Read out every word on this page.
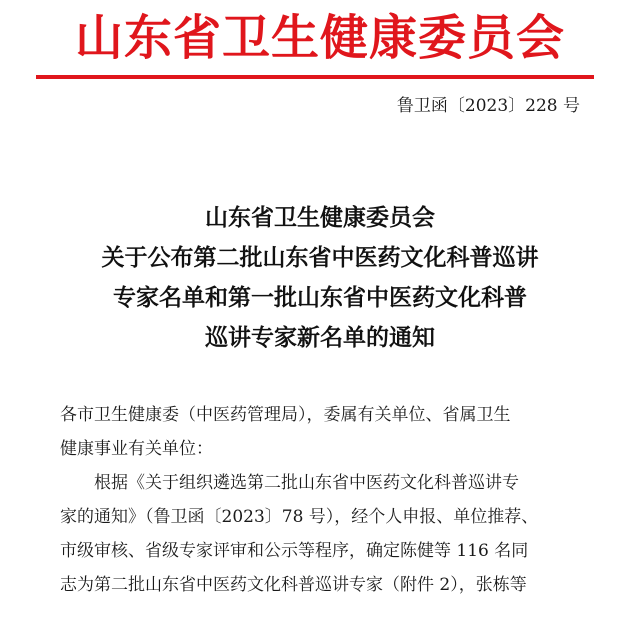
山东省卫生健康委员会
鲁卫函〔2023〕228 号
山东省卫生健康委员会
关于公布第二批山东省中医药文化科普巡讲
专家名单和第一批山东省中医药文化科普
巡讲专家新名单的通知
各市卫生健康委（中医药管理局），委属有关单位、省属卫生
健康事业有关单位：
根据《关于组织遴选第二批山东省中医药文化科普巡讲专
家的通知》（鲁卫函〔2023〕78 号），经个人申报、单位推荐、
市级审核、省级专家评审和公示等程序，确定陈健等 116 名同
志为第二批山东省中医药文化科普巡讲专家（附件 2），张栋等
